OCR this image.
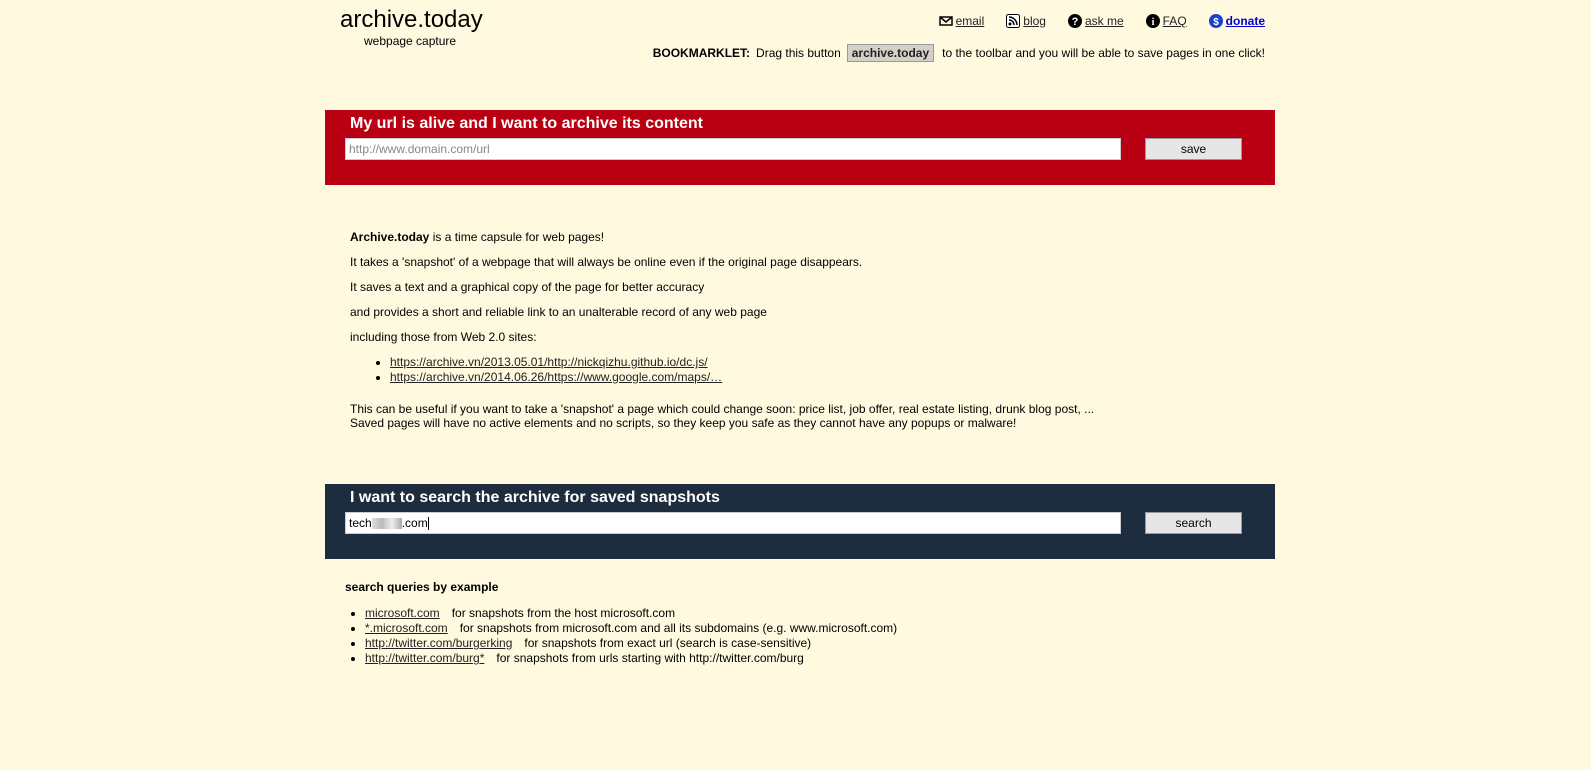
archive.today
webpage capture
email	blog ? ask me	i FAQ	$ donate
BOOKMARKLET: Drag this button archive.today	to the toolbar and you will be able to save pages in one click!
My url is alive and I want to archive its content
http://www.domain.com/url
save

Archive.today is a time capsule for web pages!

It takes a 'snapshot' of a webpage that will always be online even if the original page disappears.

It saves a text and a graphical copy of the page for better accuracy

and provides a short and reliable link to an unalterable record of any web page

including those from Web 2.0 sites:

• https://archive.vn/2013.05.01/http://nickqizhu.github.io/dc.js/
• https://archive.vn/2014.06.26/https://www.google.com/maps/…

This can be useful if you want to take a 'snapshot' a page which could change soon: price list, job offer, real estate listing, drunk blog post, ...

Saved pages will have no active elements and no scripts, so they keep you safe as they cannot have any popups or malware!

I want to search the archive for saved snapshots
tech	.com	search
search queries by example
• microsoft.com for snapshots from the host microsoft.com
• *.microsoft.com for snapshots from microsoft.com and all its subdomains (e.g. www.microsoft.com)
• http://twitter.com/burgerking for snapshots from exact url (search is case-sensitive)
• http://twitter.com/burg* for snapshots from urls starting with http://twitter.com/burg
